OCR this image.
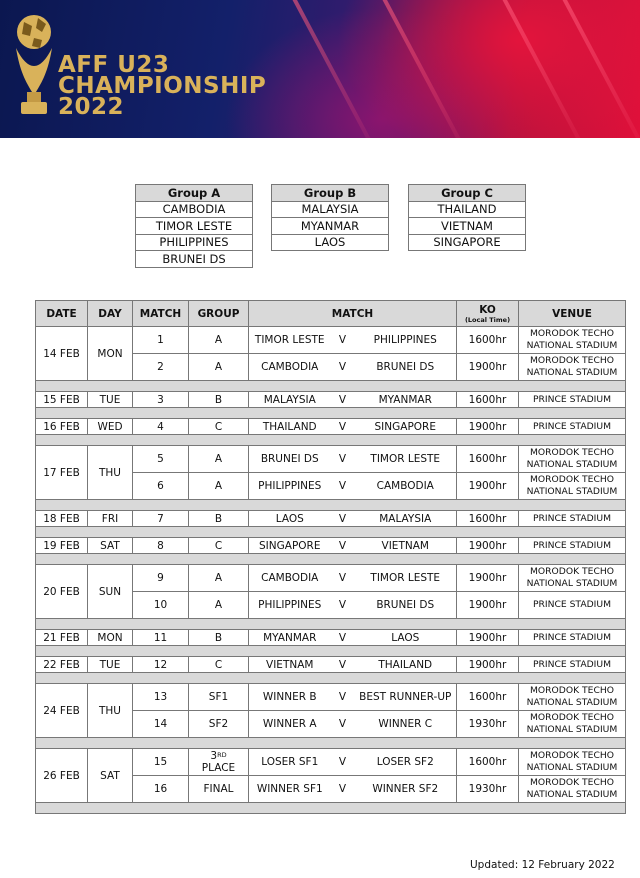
AFF U23
CHAMPIONSHIP
2022
Group A
CAMBODIA
TIMOR LESTE
PHILIPPINES
BRUNEI DS
Group B
MALAYSIA
MYANMAR
LAOS
Group C
THAILAND
VIETNAM
SINGAPORE
DATE	DAY	MATCH	GROUP	MATCH			KO
(Local Time)	VENUE
14 FEB	MON	1	A	TIMOR LESTE	V	PHILIPPINES	1600hr	MORODOK TECHO NATIONAL STADIUM
		2	A	CAMBODIA	V	BRUNEI DS	1900hr	MORODOK TECHO NATIONAL STADIUM

15 FEB	TUE	3	B	MALAYSIA	V	MYANMAR	1600hr	PRINCE STADIUM

16 FEB	WED	4	C	THAILAND	V	SINGAPORE	1900hr	PRINCE STADIUM

17 FEB	THU	5	A	BRUNEI DS	V	TIMOR LESTE	1600hr	MORODOK TECHO NATIONAL STADIUM
		6	A	PHILIPPINES	V	CAMBODIA	1900hr	MORODOK TECHO NATIONAL STADIUM

18 FEB	FRI	7	B	LAOS	V	MALAYSIA	1600hr	PRINCE STADIUM

19 FEB	SAT	8	C	SINGAPORE	V	VIETNAM	1900hr	PRINCE STADIUM

20 FEB	SUN	9	A	CAMBODIA	V	TIMOR LESTE	1900hr	MORODOK TECHO NATIONAL STADIUM
		10	A	PHILIPPINES	V	BRUNEI DS	1900hr	PRINCE STADIUM

21 FEB	MON	11	B	MYANMAR	V	LAOS	1900hr	PRINCE STADIUM

22 FEB	TUE	12	C	VIETNAM	V	THAILAND	1900hr	PRINCE STADIUM

24 FEB	THU	13	SF1	WINNER B	V	BEST RUNNER-UP	1600hr	MORODOK TECHO NATIONAL STADIUM
		14	SF2	WINNER A	V	WINNER C	1930hr	MORODOK TECHO NATIONAL STADIUM

26 FEB	SAT	15	3RD
PLACE	LOSER SF1	V	LOSER SF2	1600hr	MORODOK TECHO NATIONAL STADIUM
		16	FINAL	WINNER SF1	V	WINNER SF2	1930hr	MORODOK TECHO NATIONAL STADIUM

Updated: 12 February 2022
